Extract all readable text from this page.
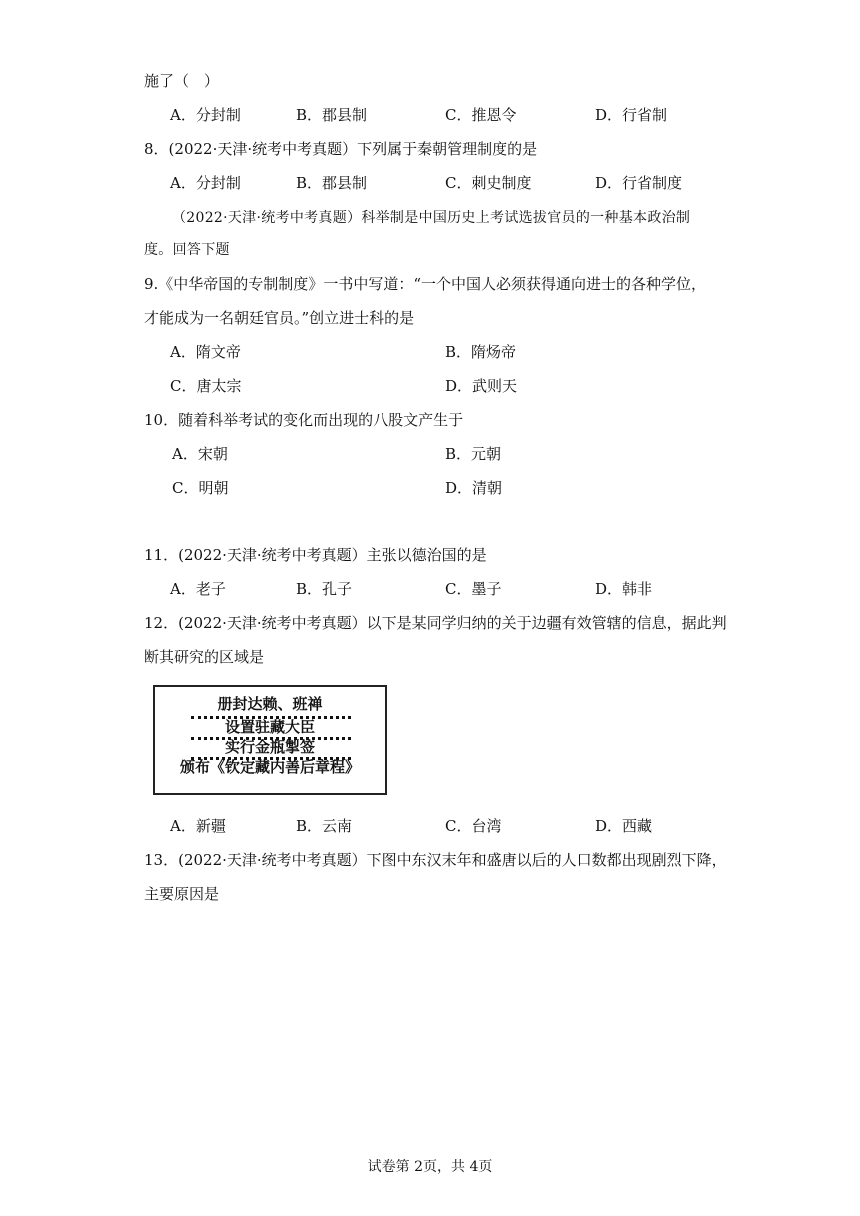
施了（　）
A．分封制	B．郡县制	C．推恩令	D．行省制
8．(2022·天津·统考中考真题）下列属于秦朝管理制度的是
A．分封制	B．郡县制	C．刺史制度	D．行省制度
（2022·天津·统考中考真题）科举制是中国历史上考试选拔官员的一种基本政治制
度。回答下题
9.《中华帝国的专制制度》一书中写道：“一个中国人必须获得通向进士的各种学位，
才能成为一名朝廷官员。”创立进士科的是
A．隋文帝	B．隋炀帝
C．唐太宗	D．武则天
10．随着科举考试的变化而出现的八股文产生于
A．宋朝	B．元朝
C．明朝	D．清朝
11．(2022·天津·统考中考真题）主张以德治国的是
A．老子	B．孔子	C．墨子	D．韩非
12．(2022·天津·统考中考真题）以下是某同学归纳的关于边疆有效管辖的信息，据此判
断其研究的区域是
册封达赖、班禅
设置驻藏大臣
实行金瓶掣签
颁布《钦定藏内善后章程》
A．新疆	B．云南	C．台湾	D．西藏
13．(2022·天津·统考中考真题）下图中东汉末年和盛唐以后的人口数都出现剧烈下降，
主要原因是
试卷第 2页，共 4页
